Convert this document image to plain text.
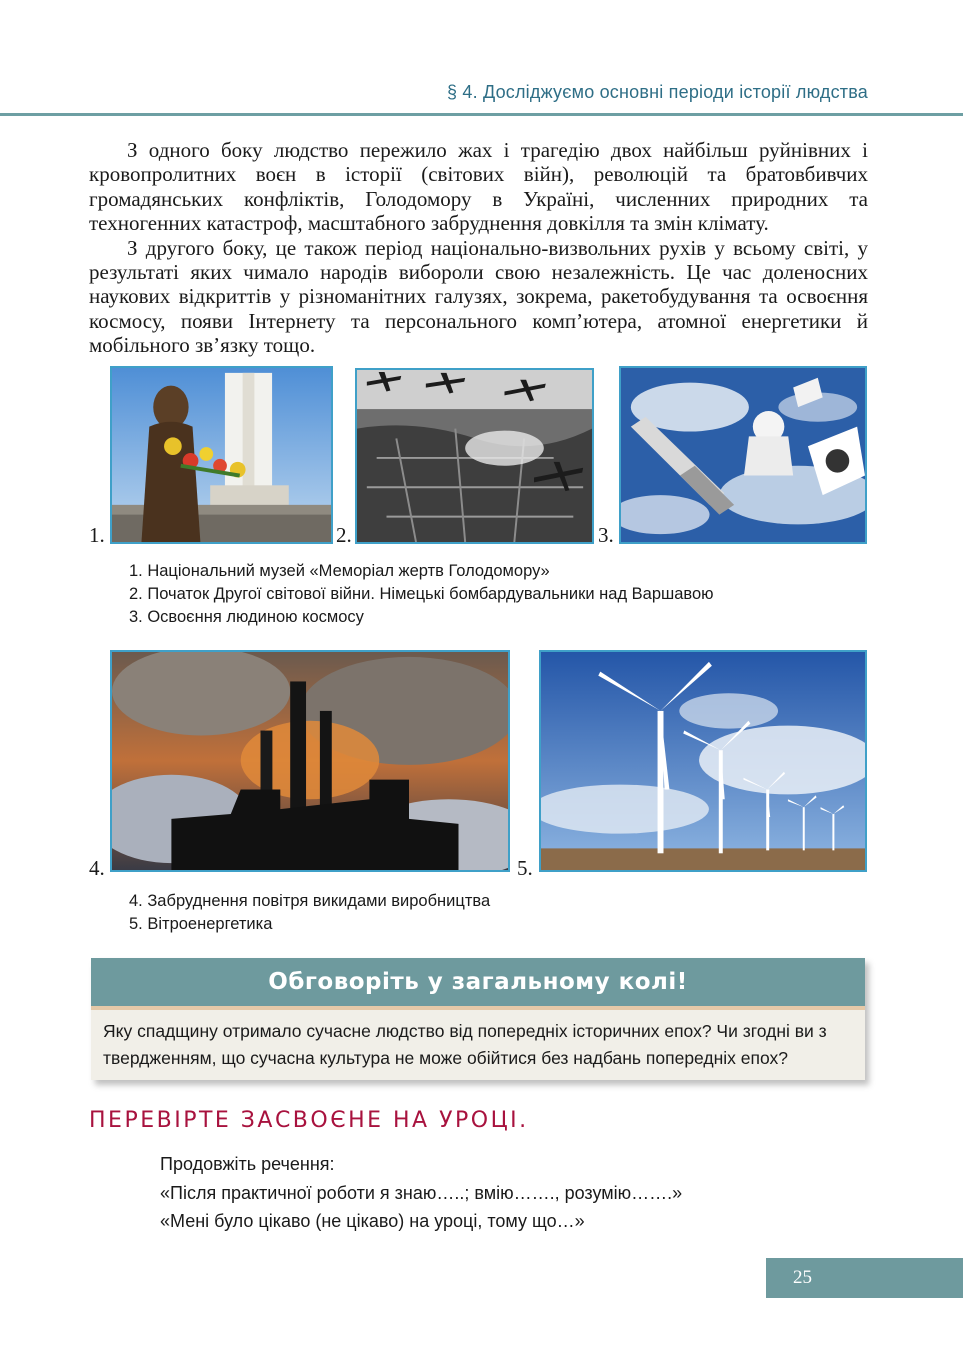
§ 4. Досліджуємо основні періоди історії людства

З одного боку людство пережило жах і трагедію двох найбільш руйнівних і кровопролитних воєн в історії (світових війн), революцій та братовбивчих громадянських конфліктів, Голодомору в Україні, численних природних та техногенних катастроф, масштабного забруднення довкілля та змін клімату.

З другого боку, це також період національно-визвольних рухів у всьому світі, у результаті яких чимало народів вибороли свою незалежність. Це час доленосних наукових відкриттів у різноманітних галузях, зокрема, ракетобудування та освоєння космосу, появи Інтернету та персонального комп’ютера, атомної енергетики й мобільного зв’язку тощо.

1.	2.	3.
1. Національний музей «Меморіал жертв Голодомору»
2. Початок Другої світової війни. Німецькі бомбардувальники над Варшавою
3. Освоєння людиною космосу
4.	5.
4. Забруднення повітря викидами виробництва
5. Вітроенергетика
Обговоріть у загальному колі!
Яку спадщину отримало сучасне людство від попередніх історичних епох? Чи згодні ви з твердженням, що сучасна культура не може обійтися без надбань попередніх епох?
ПЕРЕВІРТЕ ЗАСВОЄНЕ НА УРОЦІ.
Продовжіть речення:
«Після практичної роботи я знаю…..; вмію……., розумію…….»
«Мені було цікаво (не цікаво) на уроці, тому що…»
25
